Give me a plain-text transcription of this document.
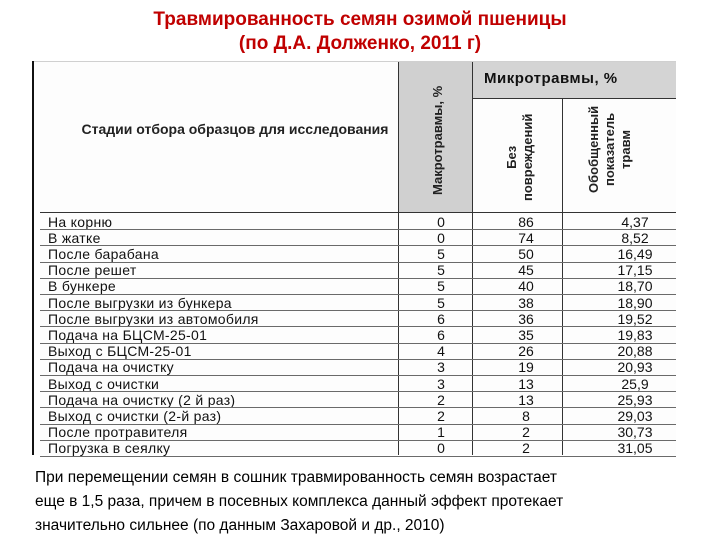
Травмированность семян озимой пшеницы
(по Д.А. Долженко, 2011 г)
Стадии отбора образцов для исследования	Макротравмы, %
Микротравмы, %
Без повреждений	Обобщенный показатель травм
На корню	0	86	4,37
В жатке	0	74	8,52
После барабана	5	50	16,49
После решет	5	45	17,15
В бункере	5	40	18,70
После выгрузки из бункера	5	38	18,90
После выгрузки из автомобиля	6	36	19,52
Подача на БЦСМ-25-01	6	35	19,83
Выход с БЦСМ-25-01	4	26	20,88
Подача на очистку	3	19	20,93
Выход с очистки	3	13	25,9
Подача на очистку (2 й раз)	2	13	25,93
Выход с очистки (2-й раз)	2	8	29,03
После протравителя	1	2	30,73
Погрузка в сеялку	0	2	31,05
При перемещении семян в сошник травмированность семян возрастает
еще в 1,5 раза, причем в посевных комплекса данный эффект протекает
значительно сильнее (по данным Захаровой и др., 2010)
